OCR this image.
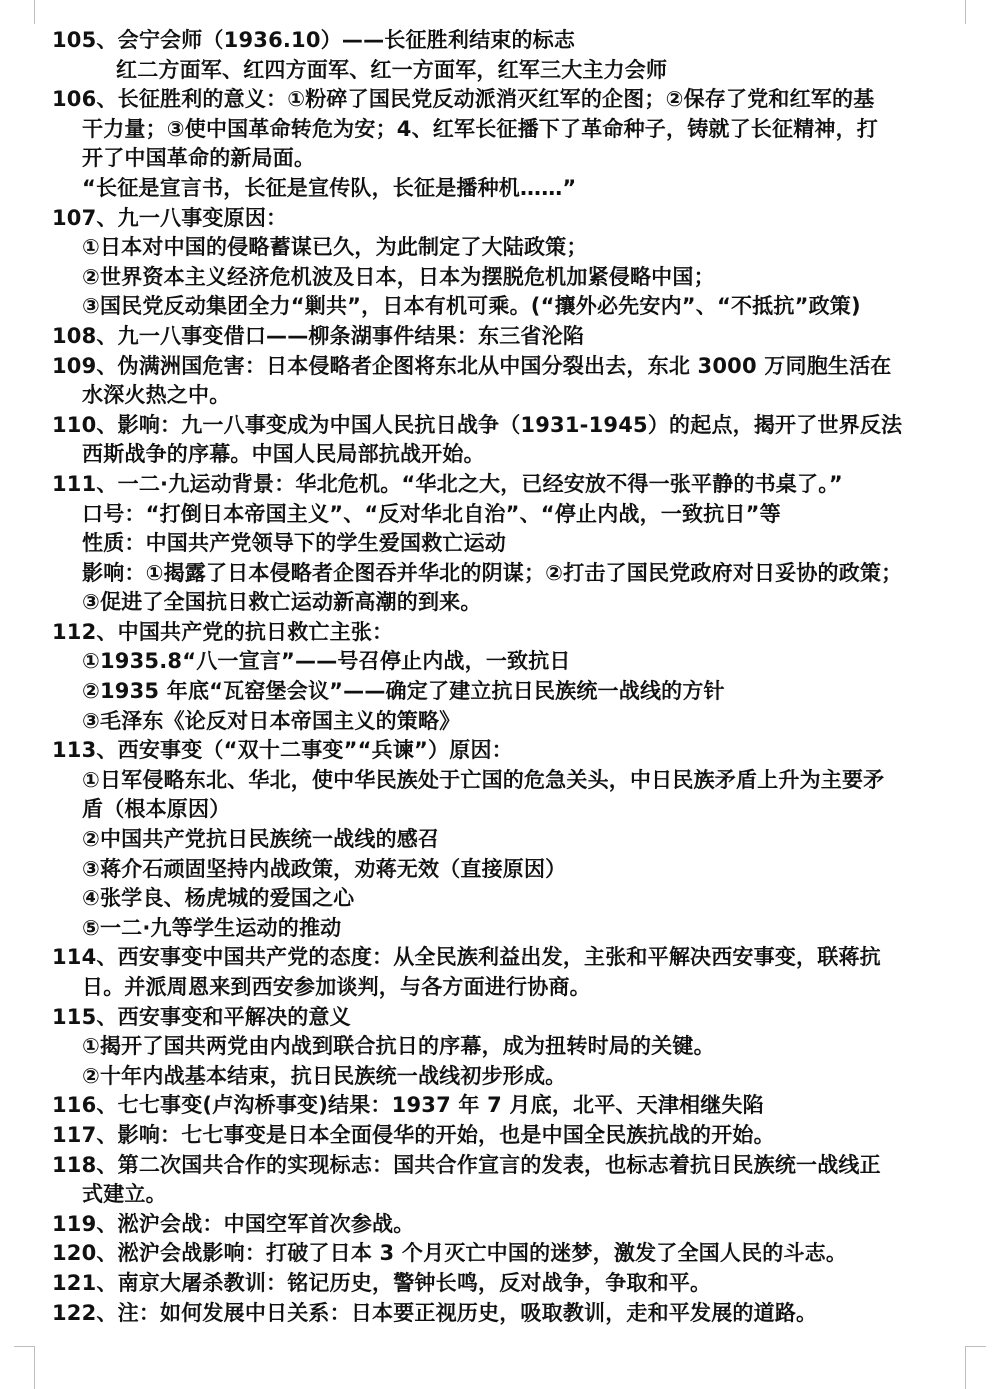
105、会宁会师（1936.10）——长征胜利结束的标志

红二方面军、红四方面军、红一方面军，红军三大主力会师

106、长征胜利的意义：①粉碎了国民党反动派消灭红军的企图；②保存了党和红军的基

干力量；③使中国革命转危为安；4、红军长征播下了革命种子，铸就了长征精神，打

开了中国革命的新局面。

“长征是宣言书，长征是宣传队，长征是播种机……”

107、九一八事变原因：

①日本对中国的侵略蓄谋已久，为此制定了大陆政策；

②世界资本主义经济危机波及日本，日本为摆脱危机加紧侵略中国；

③国民党反动集团全力“剿共”，日本有机可乘。(“攘外必先安内”、“不抵抗”政策)

108、九一八事变借口——柳条湖事件结果：东三省沦陷

109、伪满洲国危害：日本侵略者企图将东北从中国分裂出去，东北 3000 万同胞生活在

水深火热之中。

110、影响：九一八事变成为中国人民抗日战争（1931-1945）的起点，揭开了世界反法

西斯战争的序幕。中国人民局部抗战开始。

111、一二·九运动背景：华北危机。“华北之大，已经安放不得一张平静的书桌了。”

口号：“打倒日本帝国主义”、“反对华北自治”、“停止内战，一致抗日”等

性质：中国共产党领导下的学生爱国救亡运动

影响：①揭露了日本侵略者企图吞并华北的阴谋；②打击了国民党政府对日妥协的政策；

③促进了全国抗日救亡运动新高潮的到来。

112、中国共产党的抗日救亡主张：

①1935.8“八一宣言”——号召停止内战，一致抗日

②1935 年底“瓦窑堡会议”——确定了建立抗日民族统一战线的方针

③毛泽东《论反对日本帝国主义的策略》

113、西安事变（“双十二事变”“兵谏”）原因：

①日军侵略东北、华北，使中华民族处于亡国的危急关头，中日民族矛盾上升为主要矛

盾（根本原因）

②中国共产党抗日民族统一战线的感召

③蒋介石顽固坚持内战政策，劝蒋无效（直接原因）

④张学良、杨虎城的爱国之心

⑤一二·九等学生运动的推动

114、西安事变中国共产党的态度：从全民族利益出发，主张和平解决西安事变，联蒋抗

日。并派周恩来到西安参加谈判，与各方面进行协商。

115、西安事变和平解决的意义

①揭开了国共两党由内战到联合抗日的序幕，成为扭转时局的关键。

②十年内战基本结束，抗日民族统一战线初步形成。

116、七七事变(卢沟桥事变)结果：1937 年 7 月底，北平、天津相继失陷

117、影响：七七事变是日本全面侵华的开始，也是中国全民族抗战的开始。

118、第二次国共合作的实现标志：国共合作宣言的发表，也标志着抗日民族统一战线正

式建立。

119、淞沪会战：中国空军首次参战。

120、淞沪会战影响：打破了日本 3 个月灭亡中国的迷梦，激发了全国人民的斗志。

121、南京大屠杀教训：铭记历史，警钟长鸣，反对战争，争取和平。

122、注：如何发展中日关系：日本要正视历史，吸取教训，走和平发展的道路。
